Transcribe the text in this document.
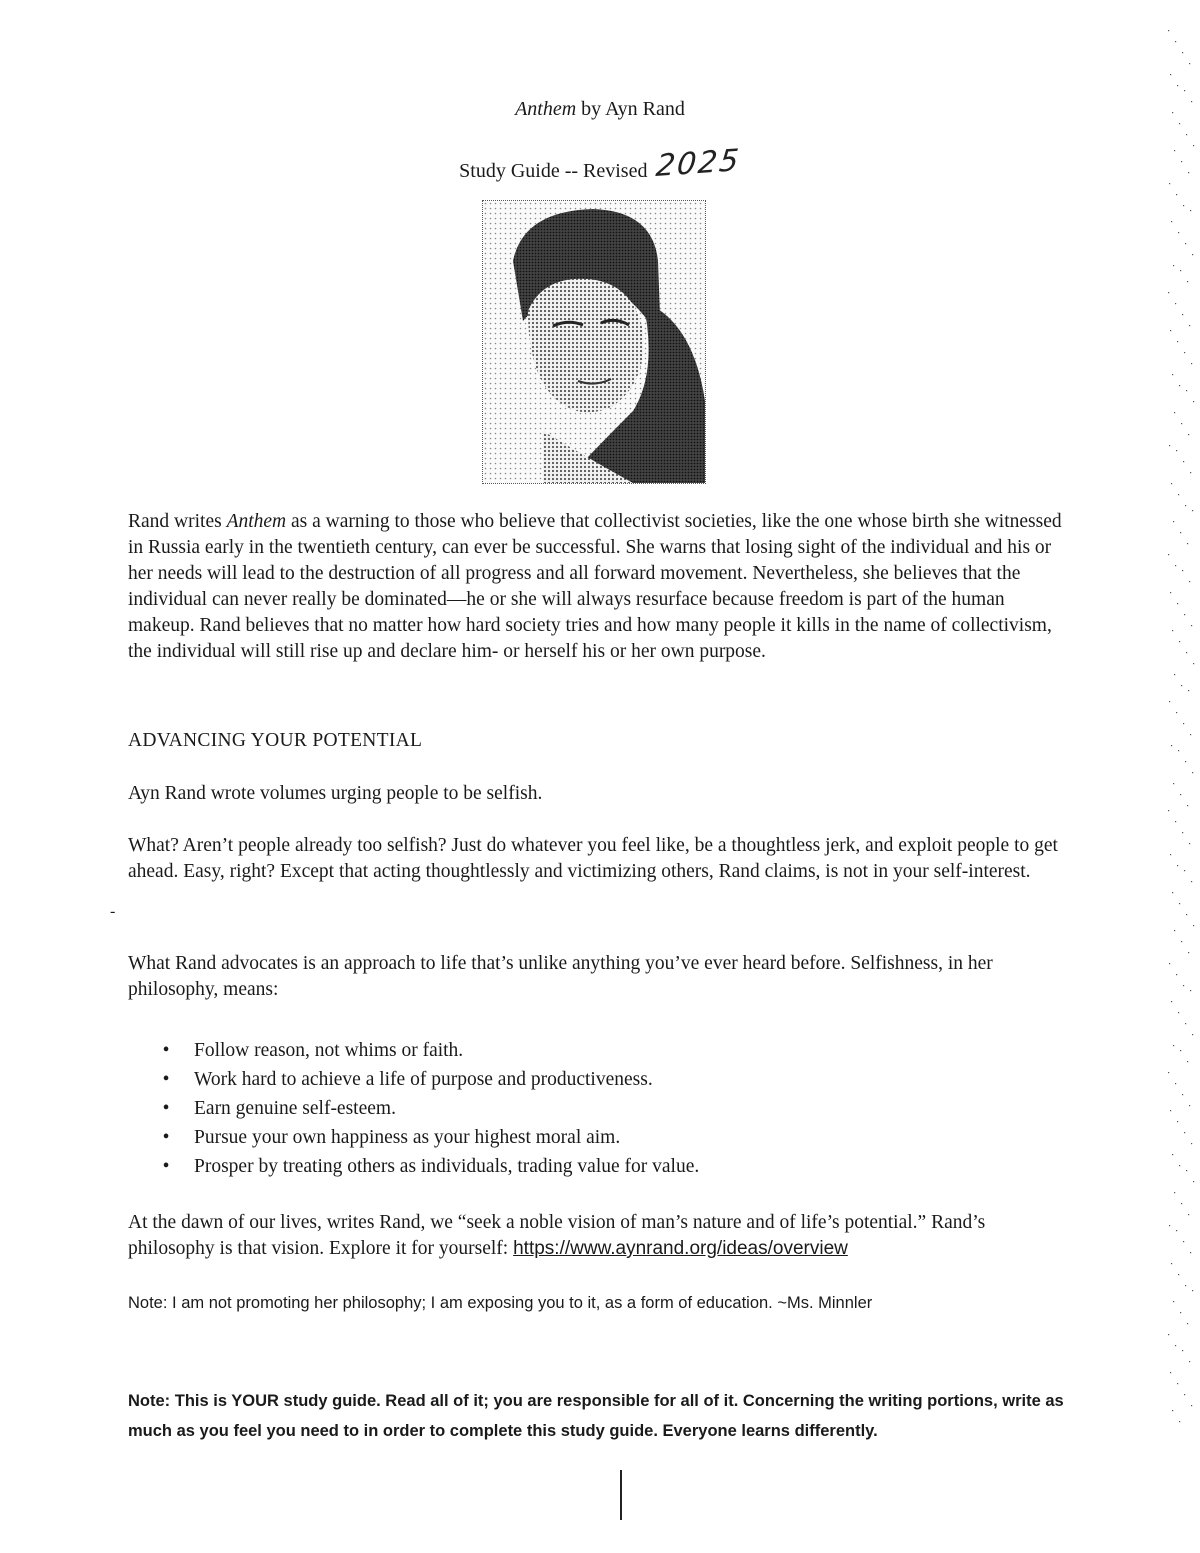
Anthem by Ayn Rand
Study Guide -- Revised 2025
Rand writes Anthem as a warning to those who believe that collectivist societies, like the one whose birth she witnessed in Russia early in the twentieth century, can ever be successful. She warns that losing sight of the individual and his or her needs will lead to the destruction of all progress and all forward movement. Nevertheless, she believes that the individual can never really be dominated—he or she will always resurface because freedom is part of the human makeup. Rand believes that no matter how hard society tries and how many people it kills in the name of collectivism, the individual will still rise up and declare him- or herself his or her own purpose.
ADVANCING YOUR POTENTIAL
Ayn Rand wrote volumes urging people to be selfish.
What? Aren’t people already too selfish? Just do whatever you feel like, be a thoughtless jerk, and exploit people to get ahead. Easy, right? Except that acting thoughtlessly and victimizing others, Rand claims, is not in your self-interest.
-
What Rand advocates is an approach to life that’s unlike anything you’ve ever heard before. Selfishness, in her philosophy, means:
• Follow reason, not whims or faith.
• Work hard to achieve a life of purpose and productiveness.
• Earn genuine self-esteem.
• Pursue your own happiness as your highest moral aim.
• Prosper by treating others as individuals, trading value for value.
At the dawn of our lives, writes Rand, we “seek a noble vision of man’s nature and of life’s potential.” Rand’s philosophy is that vision. Explore it for yourself: https://www.aynrand.org/ideas/overview
Note: I am not promoting her philosophy; I am exposing you to it, as a form of education. ~Ms. Minnler
Note: This is YOUR study guide. Read all of it; you are responsible for all of it. Concerning the writing portions, write as much as you feel you need to in order to complete this study guide. Everyone learns differently.
